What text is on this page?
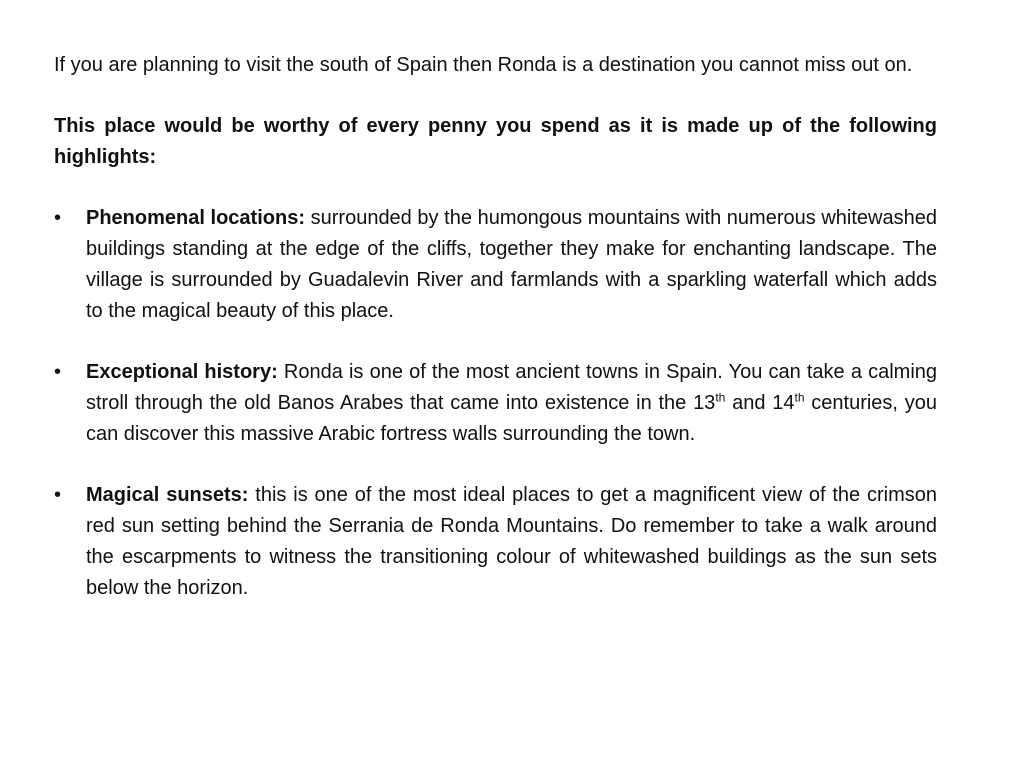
If you are planning to visit the south of Spain then Ronda is a destination you cannot miss out on.

This place would be worthy of every penny you spend as it is made up of the following highlights:

•	Phenomenal locations: surrounded by the humongous mountains with numerous whitewashed buildings standing at the edge of the cliffs, together they make for enchanting landscape. The village is surrounded by Guadalevin River and farmlands with a sparkling waterfall which adds to the magical beauty of this place.

•	Exceptional history: Ronda is one of the most ancient towns in Spain. You can take a calming stroll through the old Banos Arabes that came into existence in the 13th and 14th centuries, you can discover this massive Arabic fortress walls surrounding the town.

•	Magical sunsets: this is one of the most ideal places to get a magnificent view of the crimson red sun setting behind the Serrania de Ronda Mountains. Do remember to take a walk around the escarpments to witness the transitioning colour of whitewashed buildings as the sun sets below the horizon.
